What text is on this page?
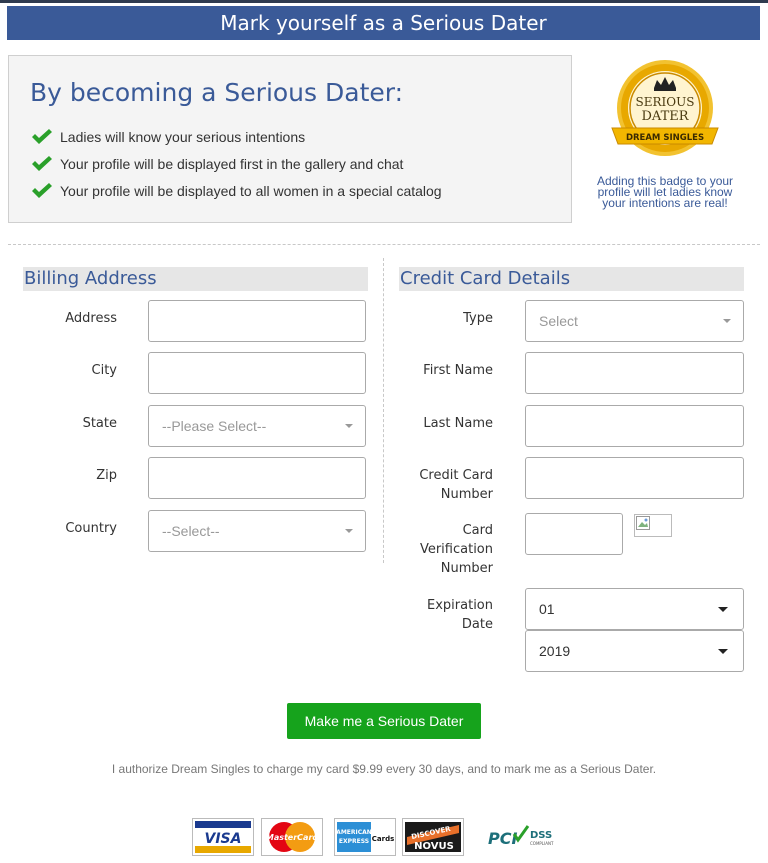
Mark yourself as a Serious Dater
By becoming a Serious Dater:
Ladies will know your serious intentions
Your profile will be displayed first in the gallery and chat
Your profile will be displayed to all women in a special catalog
SERIOUS
DATER
DREAM SINGLES
Adding this badge to your
profile will let ladies know
your intentions are real!
Billing Address
Address
City
State	--Please Select--
Zip
Country	--Select--
Credit Card Details
Type	Select
First Name
Last Name
Credit Card
Number
Card
Verification
Number
Expiration
Date
01
2019
Make me a Serious Dater
I authorize Dream Singles to charge my card $9.99 every 30 days, and to mark me as a Serious Dater.
VISA	MasterCard
AMERICAN
EXPRESS Cards DISCOVER
NOVUS PCI DSS
COMPLIANT
